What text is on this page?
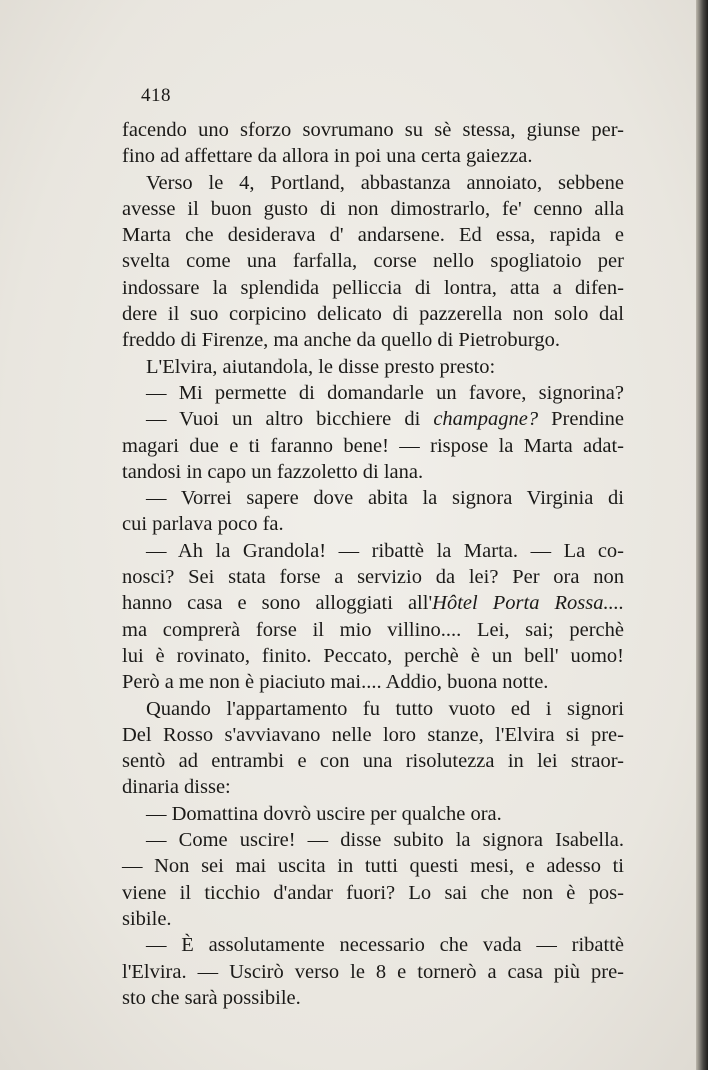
418
facendo uno sforzo sovrumano su sè stessa, giunse per-
fino ad affettare da allora in poi una certa gaiezza.
Verso le 4, Portland, abbastanza annoiato, sebbene
avesse il buon gusto di non dimostrarlo, fe' cenno alla
Marta che desiderava d' andarsene. Ed essa, rapida e
svelta come una farfalla, corse nello spogliatoio per
indossare la splendida pelliccia di lontra, atta a difen-
dere il suo corpicino delicato di pazzerella non solo dal
freddo di Firenze, ma anche da quello di Pietroburgo.
L'Elvira, aiutandola, le disse presto presto:
— Mi permette di domandarle un favore, signorina?
— Vuoi un altro bicchiere di champagne? Prendine
magari due e ti faranno bene! — rispose la Marta adat-
tandosi in capo un fazzoletto di lana.
— Vorrei sapere dove abita la signora Virginia di
cui parlava poco fa.
— Ah la Grandola! — ribattè la Marta. — La co-
nosci? Sei stata forse a servizio da lei? Per ora non
hanno casa e sono alloggiati all'Hôtel Porta Rossa....
ma comprerà forse il mio villino.... Lei, sai; perchè
lui è rovinato, finito. Peccato, perchè è un bell' uomo!
Però a me non è piaciuto mai.... Addio, buona notte.
Quando l'appartamento fu tutto vuoto ed i signori
Del Rosso s'avviavano nelle loro stanze, l'Elvira si pre-
sentò ad entrambi e con una risolutezza in lei straor-
dinaria disse:
— Domattina dovrò uscire per qualche ora.
— Come uscire! — disse subito la signora Isabella.
— Non sei mai uscita in tutti questi mesi, e adesso ti
viene il ticchio d'andar fuori? Lo sai che non è pos-
sibile.
— È assolutamente necessario che vada — ribattè
l'Elvira. — Uscirò verso le 8 e tornerò a casa più pre-
sto che sarà possibile.
